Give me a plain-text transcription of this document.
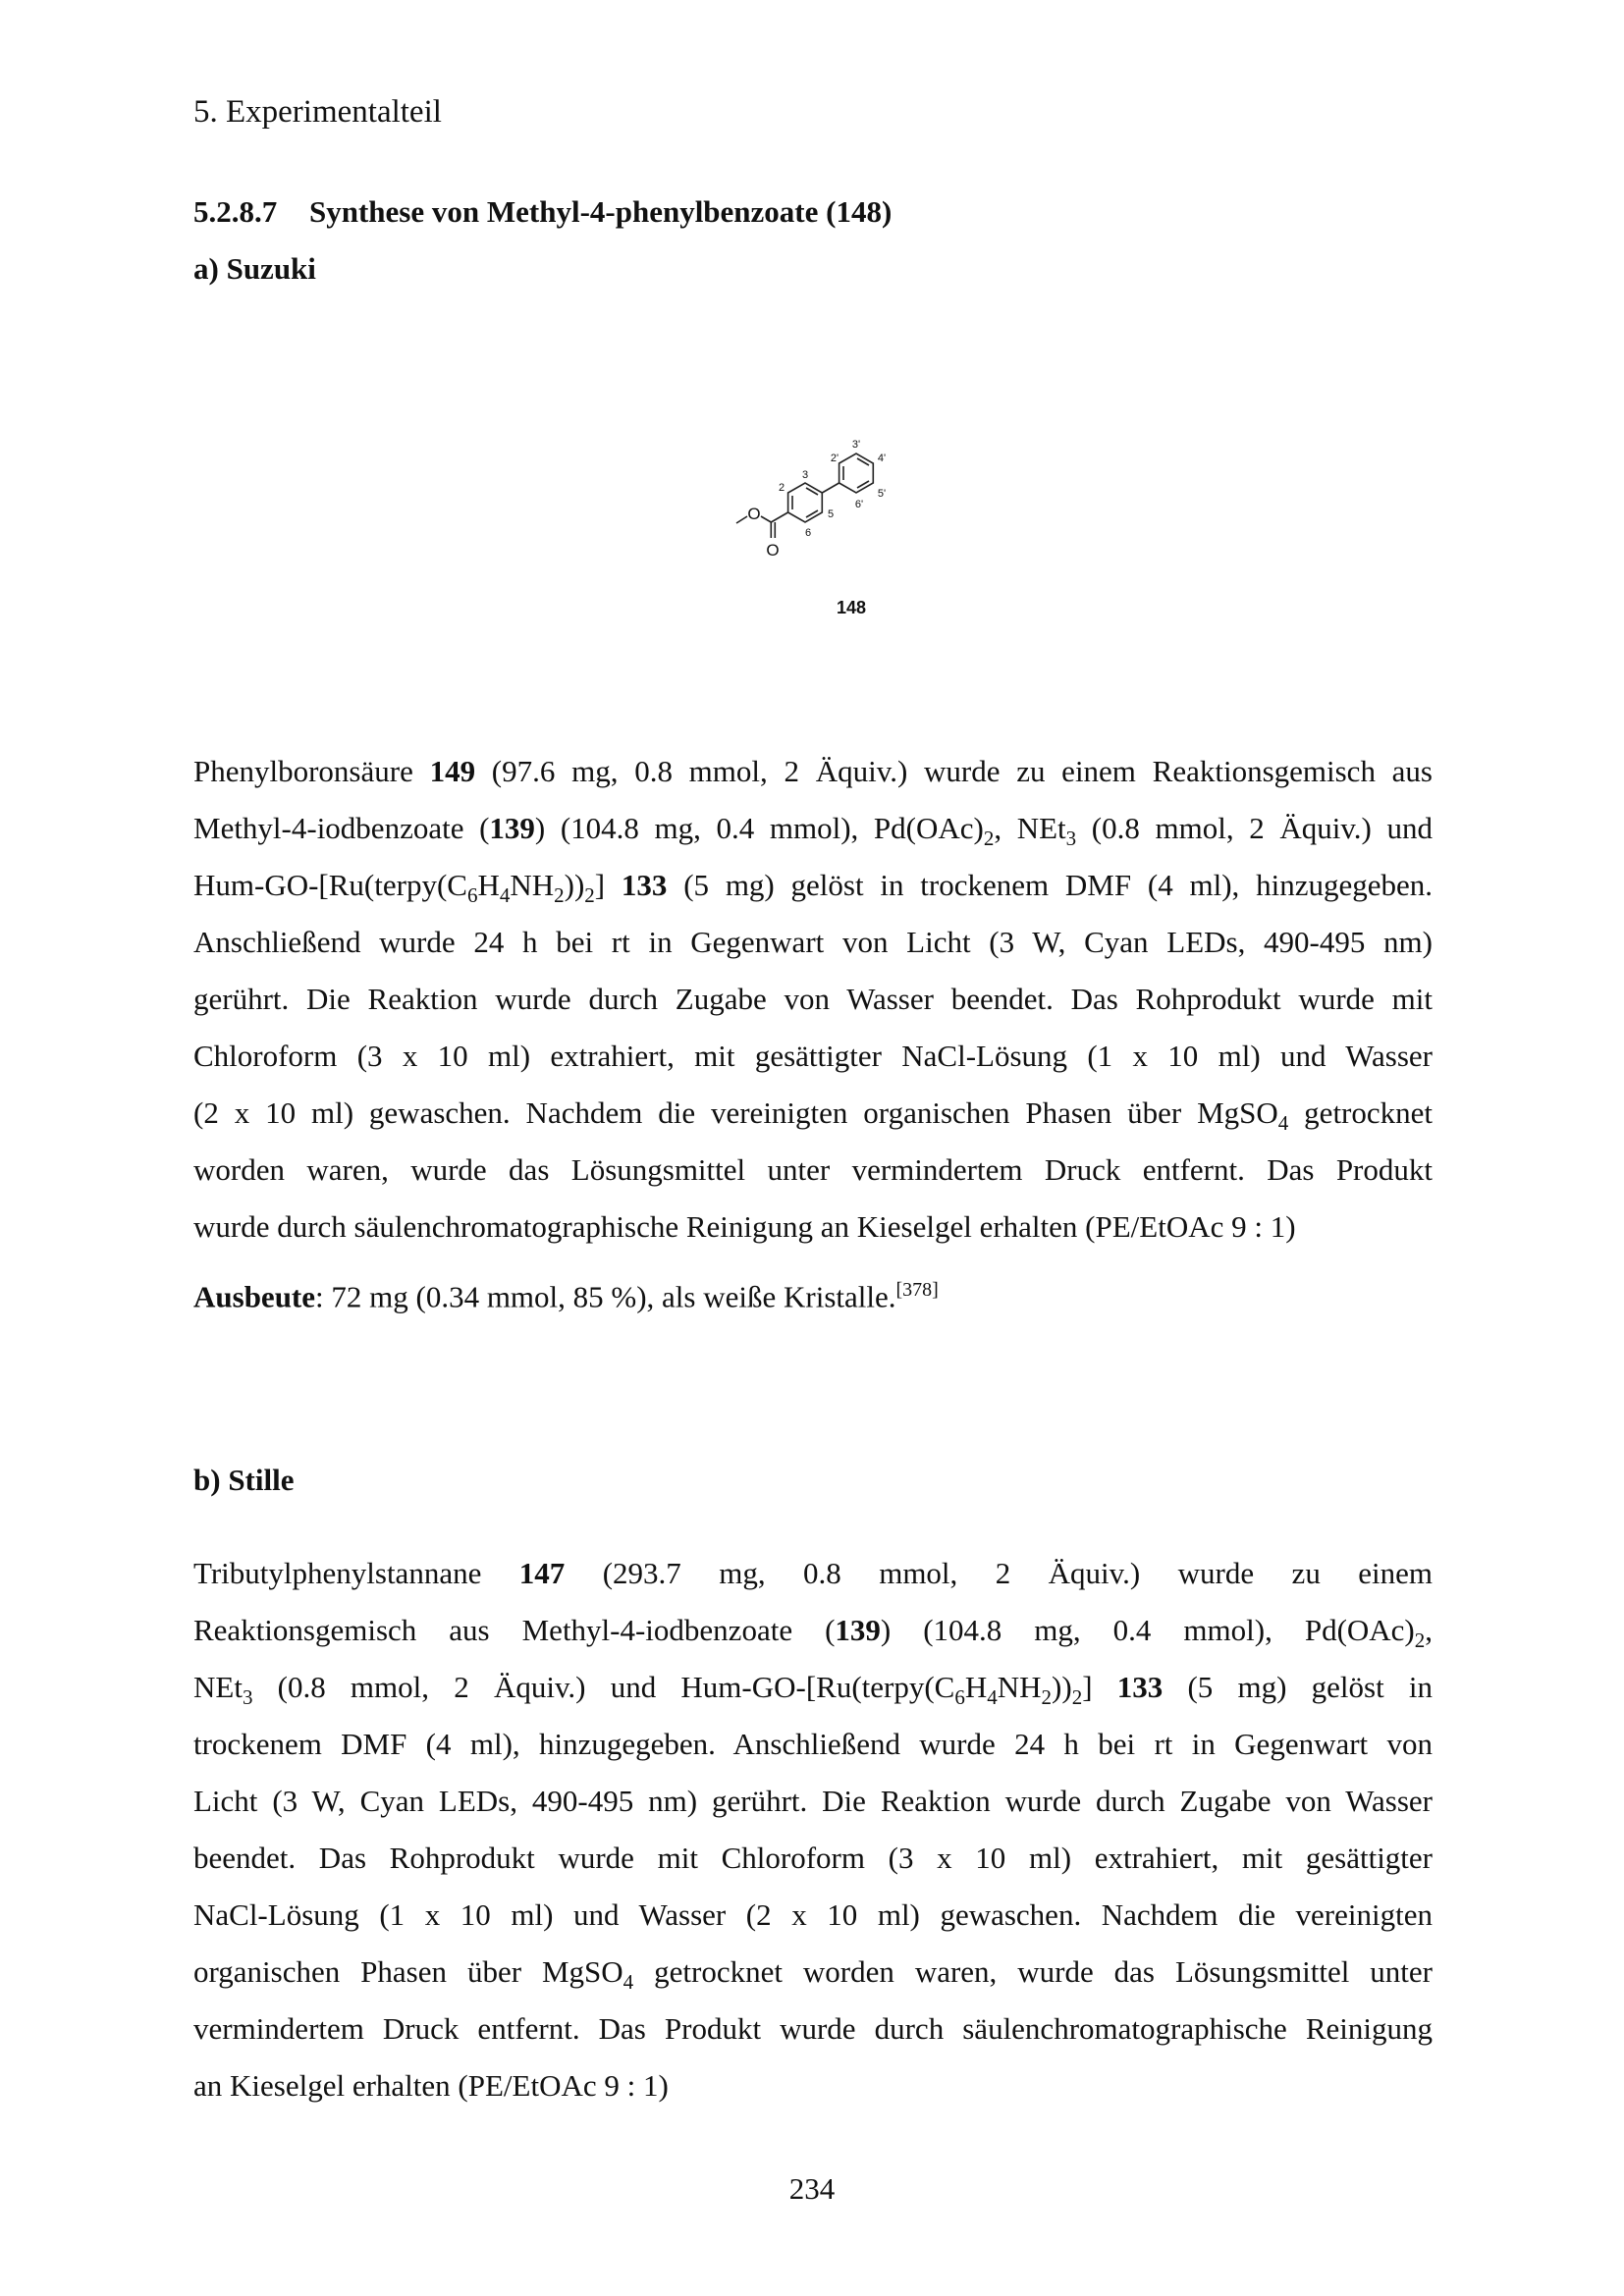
5. Experimentalteil
5.2.8.7 Synthese von Methyl-4-phenylbenzoate (148)
a) Suzuki
O
O
2
3
5
6
2'
3'
4'
5'
6'
148
Phenylboronsäure 149 (97.6 mg, 0.8 mmol, 2 Äquiv.) wurde zu einem Reaktionsgemisch aus
Methyl-4-iodbenzoate (139) (104.8 mg, 0.4 mmol), $Pd(OAc)_2$, NEt$_3$ (0.8 mmol, 2 Äquiv.) und
Hum-$GO-[Ru(terpy(C_6H_4NH_2))_2]$ 133 (5 mg) gelöst in trockenem DMF (4 ml), hinzugegeben.
Anschließend wurde 24 h bei rt in Gegenwart von Licht (3 W, Cyan LEDs, 490-495 nm)
gerührt. Die Reaktion wurde durch Zugabe von Wasser beendet. Das Rohprodukt wurde mit
Chloroform (3 x 10 ml) extrahiert, mit gesättigter NaCl-Lösung (1 x 10 ml) und Wasser
(2 x 10 ml) gewaschen. Nachdem die vereinigten organischen Phasen über MgSO$_4$ getrocknet
worden waren, wurde das Lösungsmittel unter vermindertem Druck entfernt. Das Produkt
wurde durch säulenchromatographische Reinigung an Kieselgel erhalten (PE/EtOAc 9 : 1)
Ausbeute: 72 mg (0.34 mmol, 85 %), als weiße Kristalle.[378]
b) Stille
Tributylphenylstannane 147 (293.7 mg, 0.8 mmol, 2 Äquiv.) wurde zu einem
Reaktionsgemisch aus Methyl-4-iodbenzoate (139) (104.8 mg, 0.4 mmol), $Pd(OAc)_2$,
NEt$_3$ (0.8 mmol, 2 Äquiv.) und Hum-$GO-[Ru(terpy(C_6H_4NH_2))_2]$ 133 (5 mg) gelöst in
trockenem DMF (4 ml), hinzugegeben. Anschließend wurde 24 h bei rt in Gegenwart von
Licht (3 W, Cyan LEDs, 490-495 nm) gerührt. Die Reaktion wurde durch Zugabe von Wasser
beendet. Das Rohprodukt wurde mit Chloroform (3 x 10 ml) extrahiert, mit gesättigter
NaCl-Lösung (1 x 10 ml) und Wasser (2 x 10 ml) gewaschen. Nachdem die vereinigten
organischen Phasen über MgSO$_4$ getrocknet worden waren, wurde das Lösungsmittel unter
vermindertem Druck entfernt. Das Produkt wurde durch säulenchromatographische Reinigung
an Kieselgel erhalten (PE/EtOAc 9 : 1)
234
